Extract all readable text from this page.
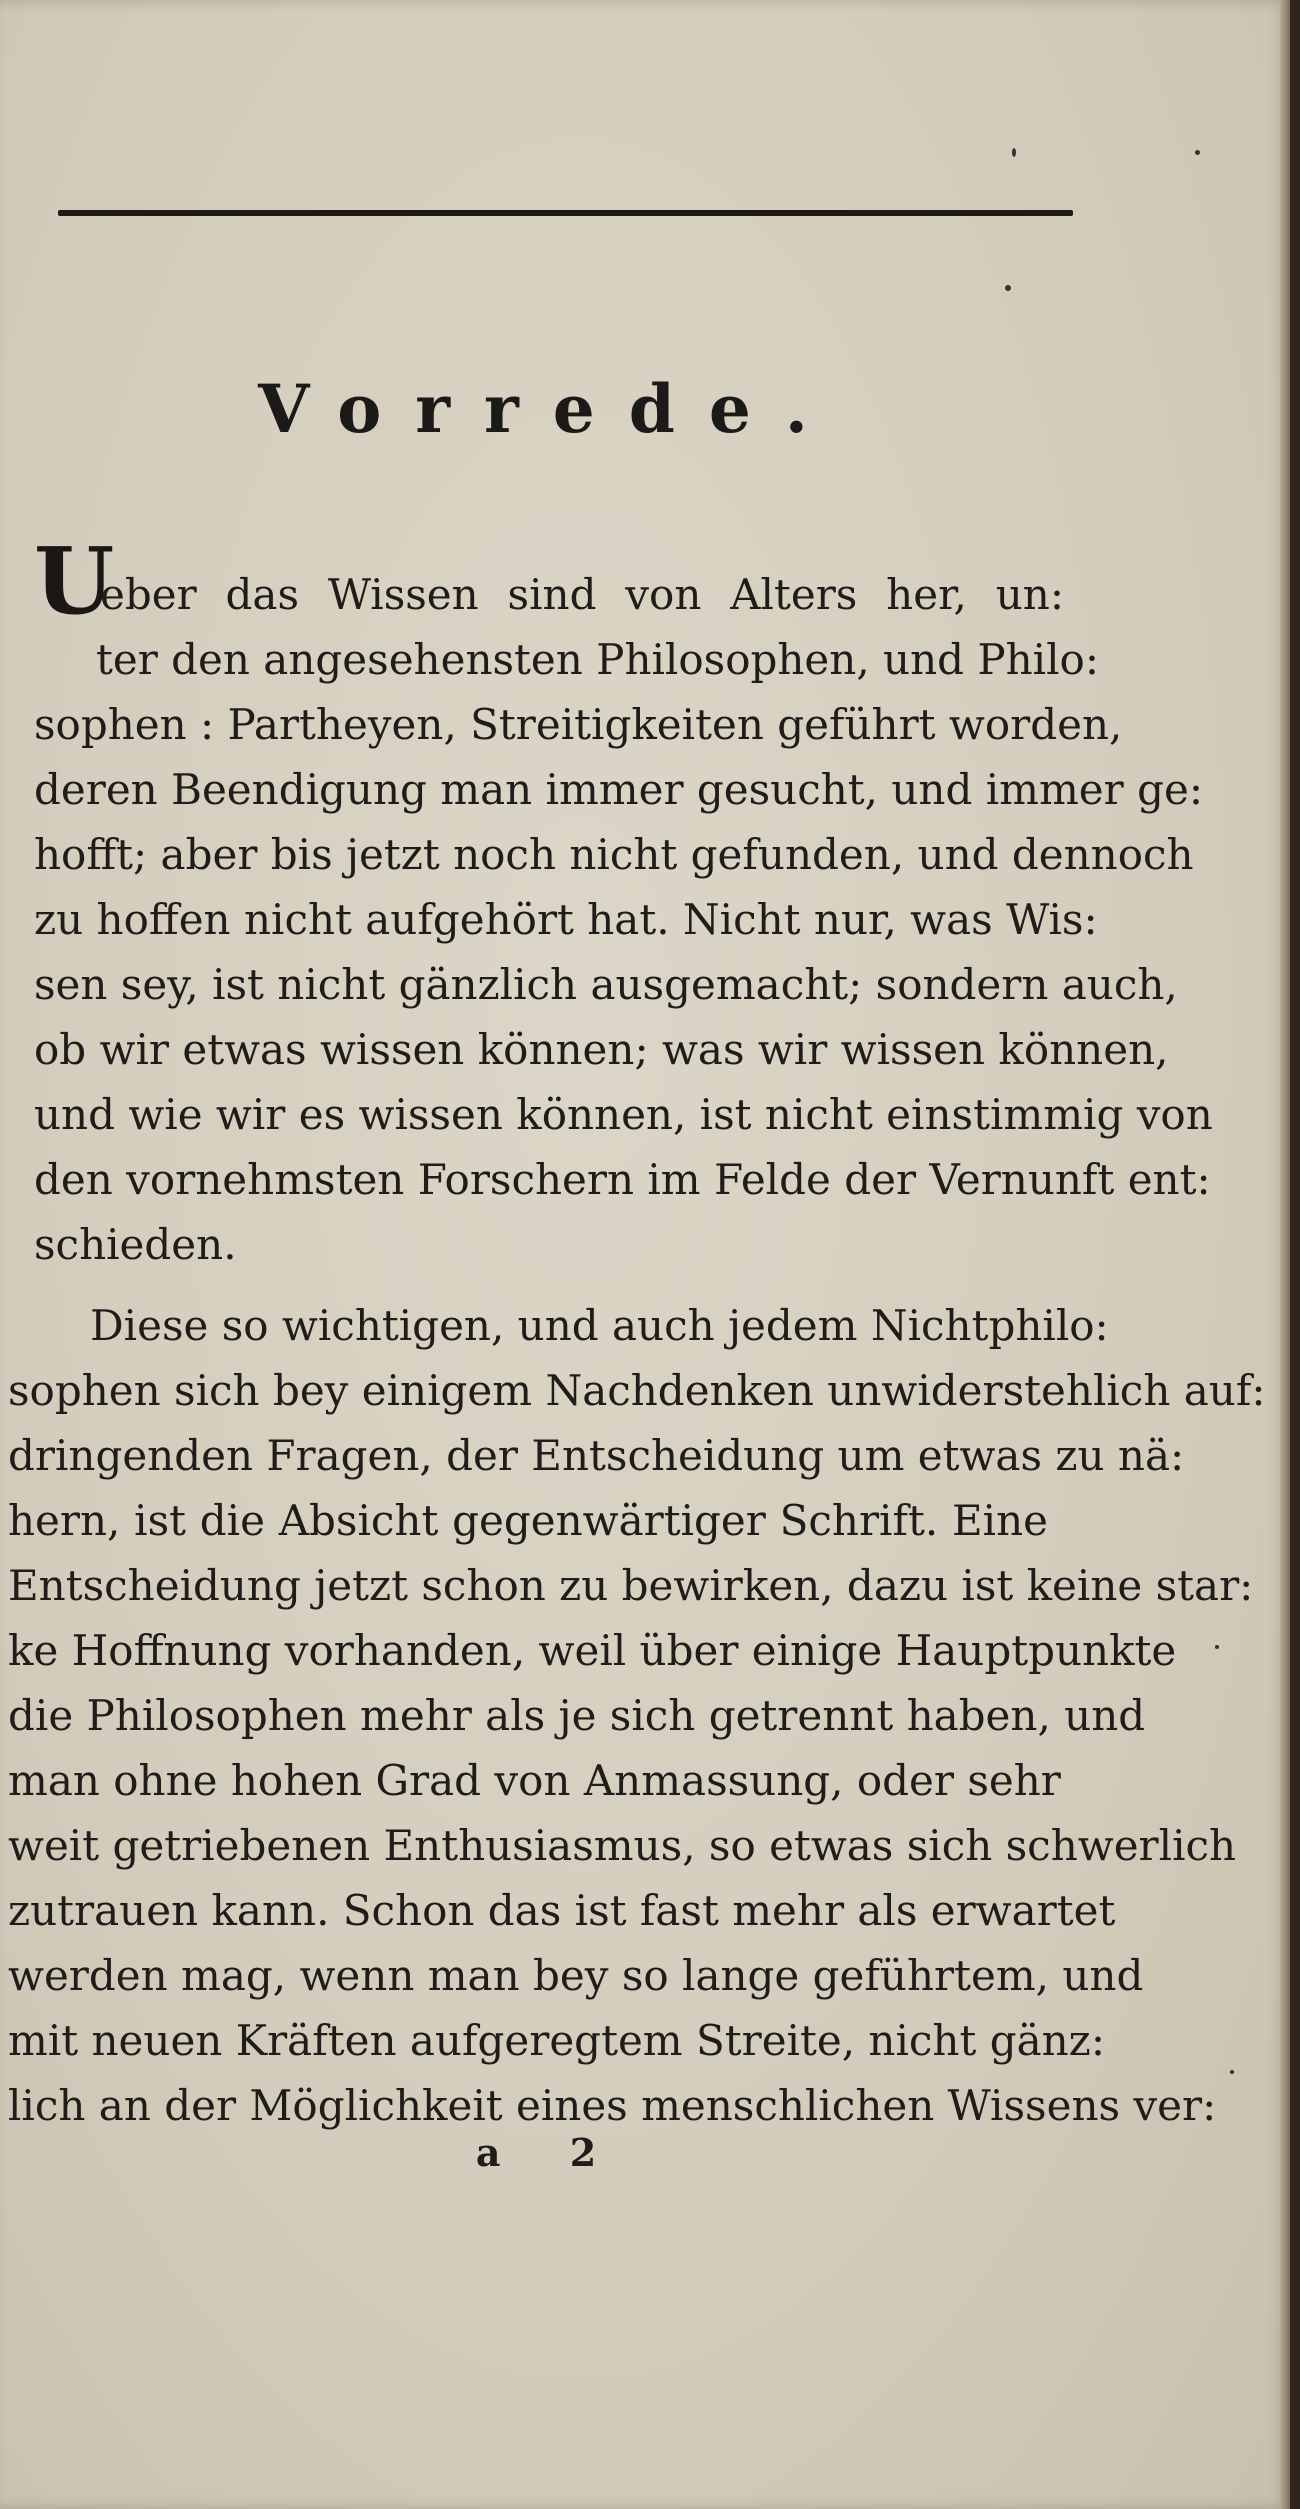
Vorrede.
U
eber das Wissen sind von Alters her, un:
ter den angesehensten Philosophen, und Philo:
sophen : Partheyen, Streitigkeiten geführt worden,
deren Beendigung man immer gesucht, und immer ge:
hofft; aber bis jetzt noch nicht gefunden, und dennoch
zu hoffen nicht aufgehört hat. Nicht nur, was Wis:
sen sey, ist nicht gänzlich ausgemacht; sondern auch,
ob wir etwas wissen können; was wir wissen können,
und wie wir es wissen können, ist nicht einstimmig von
den vornehmsten Forschern im Felde der Vernunft ent:
schieden.
Diese so wichtigen, und auch jedem Nichtphilo:
sophen sich bey einigem Nachdenken unwiderstehlich auf:
dringenden Fragen, der Entscheidung um etwas zu nä:
hern, ist die Absicht gegenwärtiger Schrift. Eine
Entscheidung jetzt schon zu bewirken, dazu ist keine star:
ke Hoffnung vorhanden, weil über einige Hauptpunkte
die Philosophen mehr als je sich getrennt haben, und
man ohne hohen Grad von Anmassung, oder sehr
weit getriebenen Enthusiasmus, so etwas sich schwerlich
zutrauen kann. Schon das ist fast mehr als erwartet
werden mag, wenn man bey so lange geführtem, und
mit neuen Kräften aufgeregtem Streite, nicht gänz:
lich an der Möglichkeit eines menschlichen Wissens ver:
a 2
